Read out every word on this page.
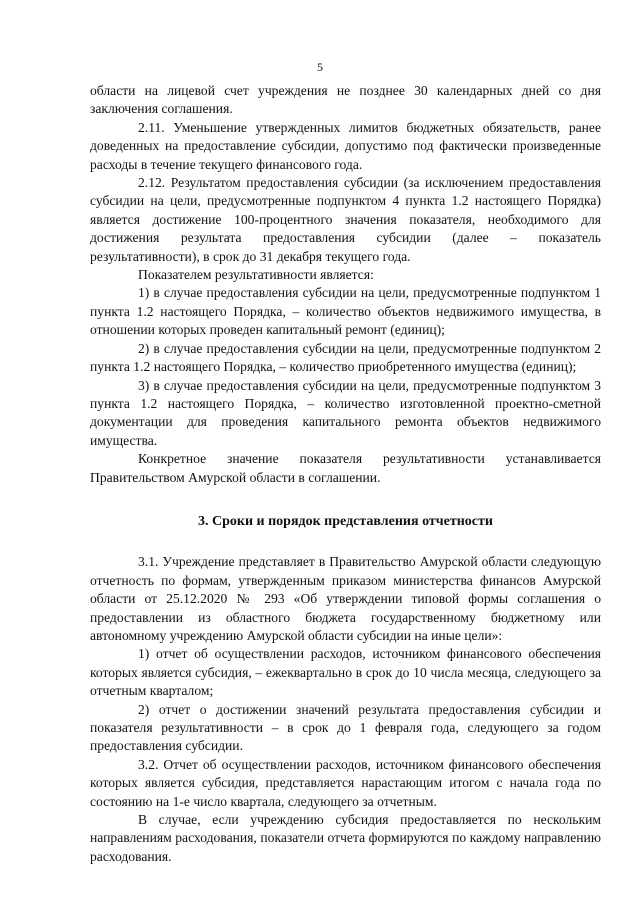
5

области на лицевой счет учреждения не позднее 30 календарных дней со дня заключения соглашения.

2.11. Уменьшение утвержденных лимитов бюджетных обязательств, ранее доведенных на предоставление субсидии, допустимо под фактически произведенные расходы в течение текущего финансового года.

2.12. Результатом предоставления субсидии (за исключением предоставления субсидии на цели, предусмотренные подпунктом 4 пункта 1.2 настоящего Порядка) является достижение 100-процентного значения показателя, необходимого для достижения результата предоставления субсидии (далее – показатель результативности), в срок до 31 декабря текущего года.

Показателем результативности является:

1) в случае предоставления субсидии на цели, предусмотренные подпунктом 1 пункта 1.2 настоящего Порядка, – количество объектов недвижимого имущества, в отношении которых проведен капитальный ремонт (единиц);

2) в случае предоставления субсидии на цели, предусмотренные подпунктом 2 пункта 1.2 настоящего Порядка, – количество приобретенного имущества (единиц);

3) в случае предоставления субсидии на цели, предусмотренные подпунктом 3 пункта 1.2 настоящего Порядка, – количество изготовленной проектно-сметной документации для проведения капитального ремонта объектов недвижимого имущества.

Конкретное значение показателя результативности устанавливается Правительством Амурской области в соглашении.

3. Сроки и порядок представления отчетности

3.1. Учреждение представляет в Правительство Амурской области следующую отчетность по формам, утвержденным приказом министерства финансов Амурской области от 25.12.2020 № 293 «Об утверждении типовой формы соглашения о предоставлении из областного бюджета государственному бюджетному или автономному учреждению Амурской области субсидии на иные цели»:

1) отчет об осуществлении расходов, источником финансового обеспечения которых является субсидия, – ежеквартально в срок до 10 числа месяца, следующего за отчетным кварталом;

2) отчет о достижении значений результата предоставления субсидии и показателя результативности – в срок до 1 февраля года, следующего за годом предоставления субсидии.

3.2. Отчет об осуществлении расходов, источником финансового обеспечения которых является субсидия, представляется нарастающим итогом с начала года по состоянию на 1-е число квартала, следующего за отчетным.

В случае, если учреждению субсидия предоставляется по нескольким направлениям расходования, показатели отчета формируются по каждому направлению расходования.
